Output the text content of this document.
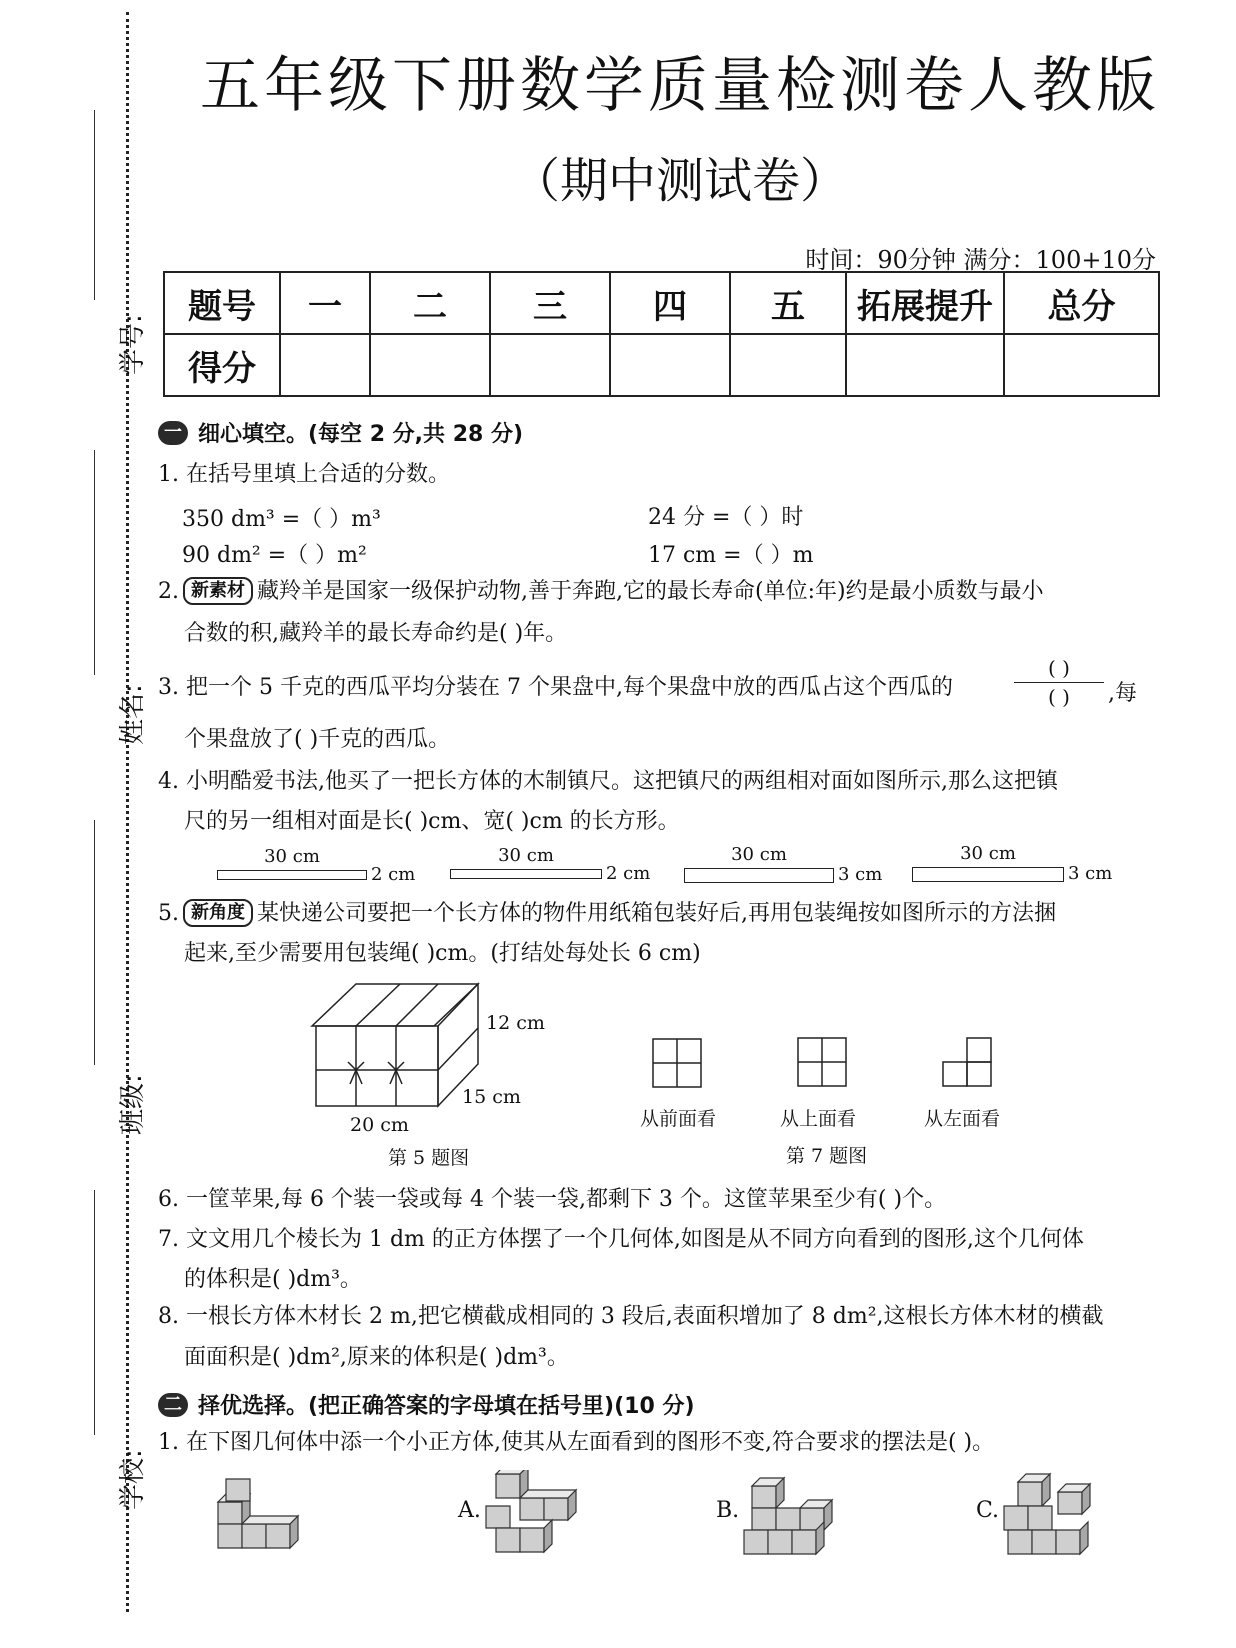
学号:
姓名:
班级:
学校:
五年级下册数学质量检测卷人教版
（期中测试卷）
时间：90分钟 满分：100+10分
题号	一	二	三	四	五	拓展提升	总分
得分							
一 细心填空。(每空 2 分,共 28 分)
1. 在括号里填上合适的分数。
350 dm³ =（ ）m³	24 分 =（ ）时
90 dm² =（ ）m²	17 cm =（ ）m
2. 新素材 藏羚羊是国家一级保护动物,善于奔跑,它的最长寿命(单位:年)约是最小质数与最小
合数的积,藏羚羊的最长寿命约是( )年。
3. 把一个 5 千克的西瓜平均分装在 7 个果盘中,每个果盘中放的西瓜占这个西瓜的
( )
( )	,每
个果盘放了( )千克的西瓜。
4. 小明酷爱书法,他买了一把长方体的木制镇尺。这把镇尺的两组相对面如图所示,那么这把镇
尺的另一组相对面是长( )cm、宽( )cm 的长方形。
30 cm
2 cm
30 cm
2 cm
30 cm
3 cm
30 cm
3 cm
5. 新角度 某快递公司要把一个长方体的物件用纸箱包装好后,再用包装绳按如图所示的方法捆
起来,至少需要用包装绳( )cm。(打结处每处长 6 cm)
12 cm
15 cm
20 cm
第 5 题图
从前面看	从上面看	从左面看
第 7 题图
6. 一筐苹果,每 6 个装一袋或每 4 个装一袋,都剩下 3 个。这筐苹果至少有( )个。
7. 文文用几个棱长为 1 dm 的正方体摆了一个几何体,如图是从不同方向看到的图形,这个几何体
的体积是( )dm³。
8. 一根长方体木材长 2 m,把它横截成相同的 3 段后,表面积增加了 8 dm²,这根长方体木材的横截
面面积是( )dm²,原来的体积是( )dm³。
二 择优选择。(把正确答案的字母填在括号里)(10 分)
1. 在下图几何体中添一个小正方体,使其从左面看到的图形不变,符合要求的摆法是( )。
A.	B.	C.
